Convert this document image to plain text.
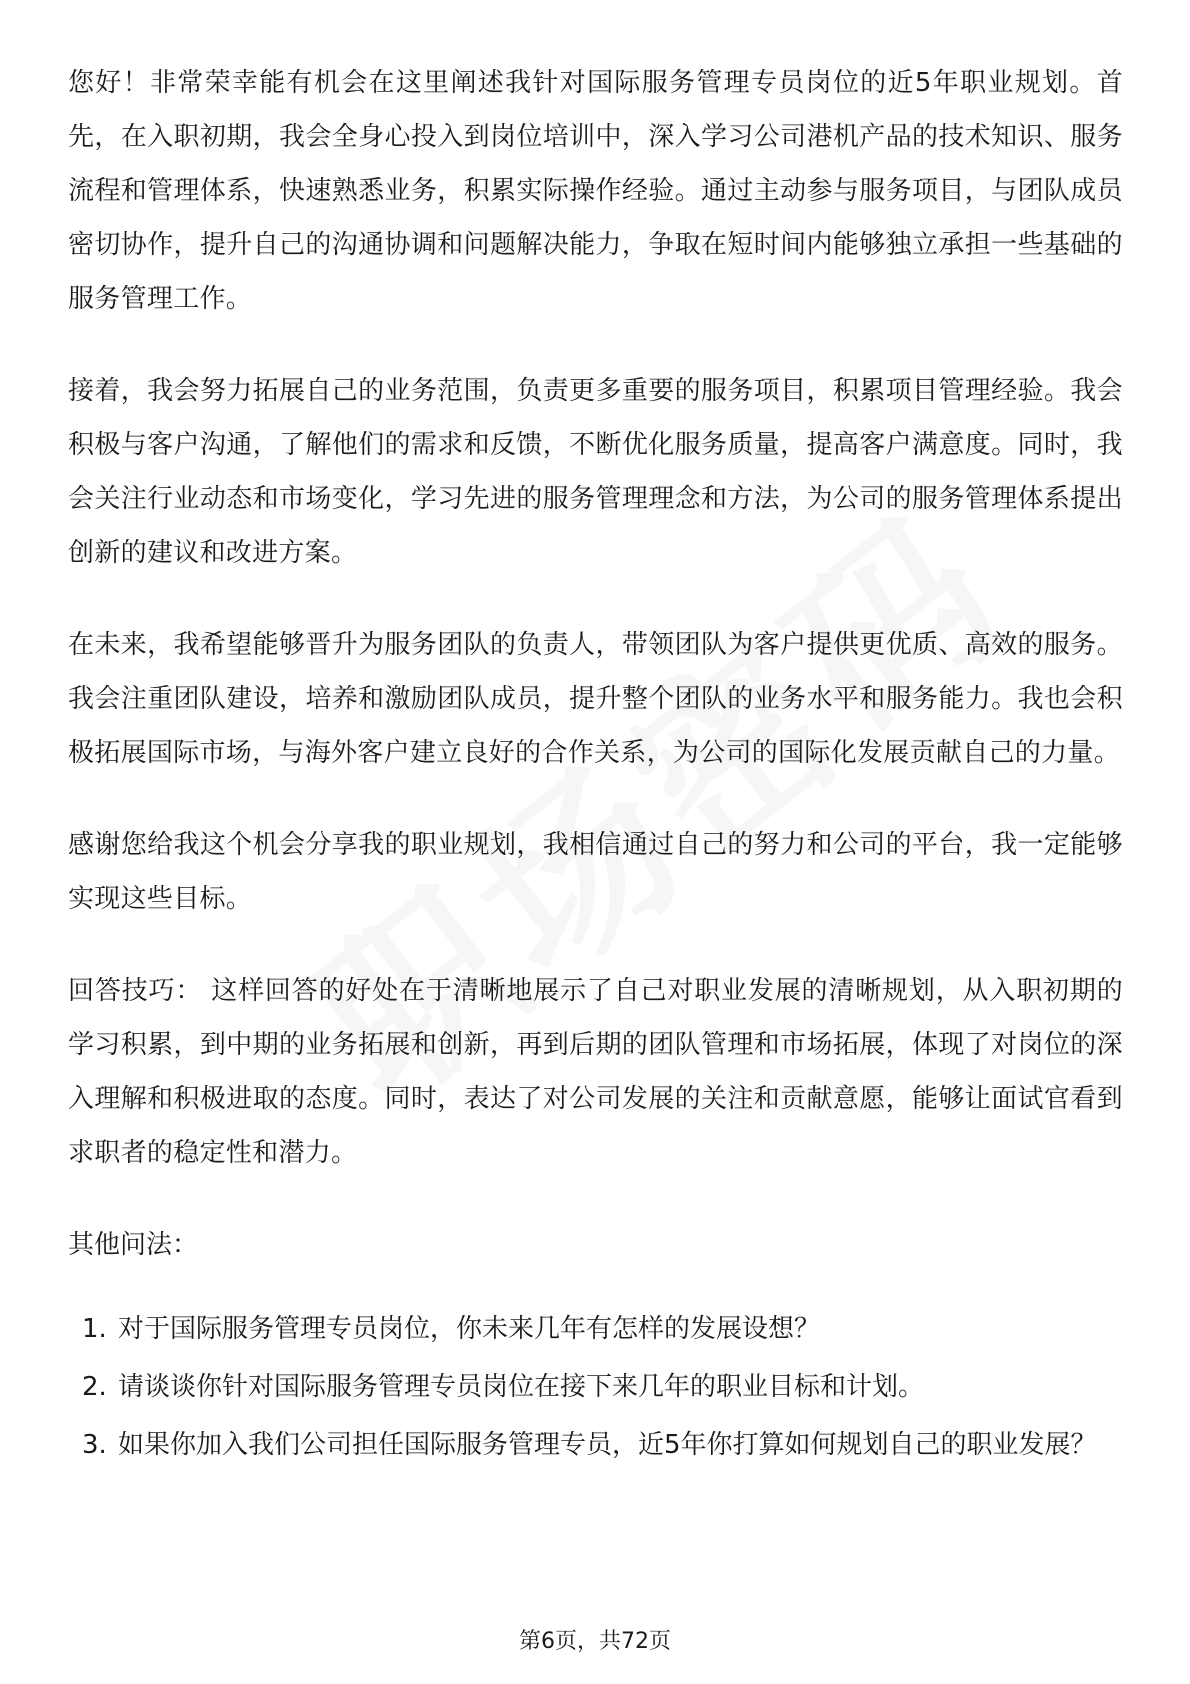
您好！非常荣幸能有机会在这里阐述我针对国际服务管理专员岗位的近5年职业规划。首先，在入职初期，我会全身心投入到岗位培训中，深入学习公司港机产品的技术知识、服务流程和管理体系，快速熟悉业务，积累实际操作经验。通过主动参与服务项目，与团队成员密切协作，提升自己的沟通协调和问题解决能力，争取在短时间内能够独立承担一些基础的服务管理工作。

接着，我会努力拓展自己的业务范围，负责更多重要的服务项目，积累项目管理经验。我会积极与客户沟通，了解他们的需求和反馈，不断优化服务质量，提高客户满意度。同时，我会关注行业动态和市场变化，学习先进的服务管理理念和方法，为公司的服务管理体系提出创新的建议和改进方案。

在未来，我希望能够晋升为服务团队的负责人，带领团队为客户提供更优质、高效的服务。我会注重团队建设，培养和激励团队成员，提升整个团队的业务水平和服务能力。我也会积极拓展国际市场，与海外客户建立良好的合作关系，为公司的国际化发展贡献自己的力量。

感谢您给我这个机会分享我的职业规划，我相信通过自己的努力和公司的平台，我一定能够实现这些目标。

回答技巧： 这样回答的好处在于清晰地展示了自己对职业发展的清晰规划，从入职初期的学习积累，到中期的业务拓展和创新，再到后期的团队管理和市场拓展，体现了对岗位的深入理解和积极进取的态度。同时，表达了对公司发展的关注和贡献意愿，能够让面试官看到求职者的稳定性和潜力。

其他问法：

1. 对于国际服务管理专员岗位，你未来几年有怎样的发展设想？
2. 请谈谈你针对国际服务管理专员岗位在接下来几年的职业目标和计划。
3. 如果你加入我们公司担任国际服务管理专员，近5年你打算如何规划自己的职业发展？
第6页，共72页
